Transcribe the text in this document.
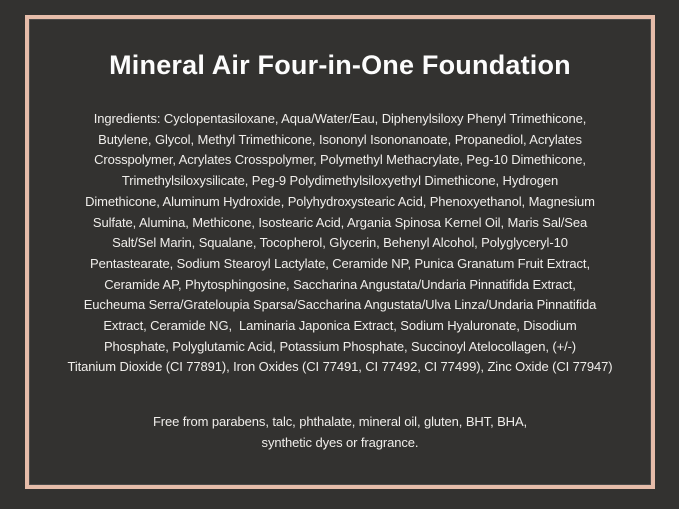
Mineral Air Four-in-One Foundation
Ingredients: Cyclopentasiloxane, Aqua/Water/Eau, Diphenylsiloxy Phenyl Trimethicone,
Butylene, Glycol, Methyl Trimethicone, Isononyl Isononanoate, Propanediol, Acrylates
Crosspolymer, Acrylates Crosspolymer, Polymethyl Methacrylate, Peg-10 Dimethicone,
Trimethylsiloxysilicate, Peg-9 Polydimethylsiloxyethyl Dimethicone, Hydrogen
Dimethicone, Aluminum Hydroxide, Polyhydroxystearic Acid, Phenoxyethanol, Magnesium
Sulfate, Alumina, Methicone, Isostearic Acid, Argania Spinosa Kernel Oil, Maris Sal/Sea
Salt/Sel Marin, Squalane, Tocopherol, Glycerin, Behenyl Alcohol, Polyglyceryl-10
Pentastearate, Sodium Stearoyl Lactylate, Ceramide NP, Punica Granatum Fruit Extract,
Ceramide AP, Phytosphingosine, Saccharina Angustata/Undaria Pinnatifida Extract,
Eucheuma Serra/Grateloupia Sparsa/Saccharina Angustata/Ulva Linza/Undaria Pinnatifida
Extract, Ceramide NG,  Laminaria Japonica Extract, Sodium Hyaluronate, Disodium
Phosphate, Polyglutamic Acid, Potassium Phosphate, Succinoyl Atelocollagen, (+/-)
Titanium Dioxide (CI 77891), Iron Oxides (CI 77491, CI 77492, CI 77499), Zinc Oxide (CI 77947)
Free from parabens, talc, phthalate, mineral oil, gluten, BHT, BHA,
synthetic dyes or fragrance.
